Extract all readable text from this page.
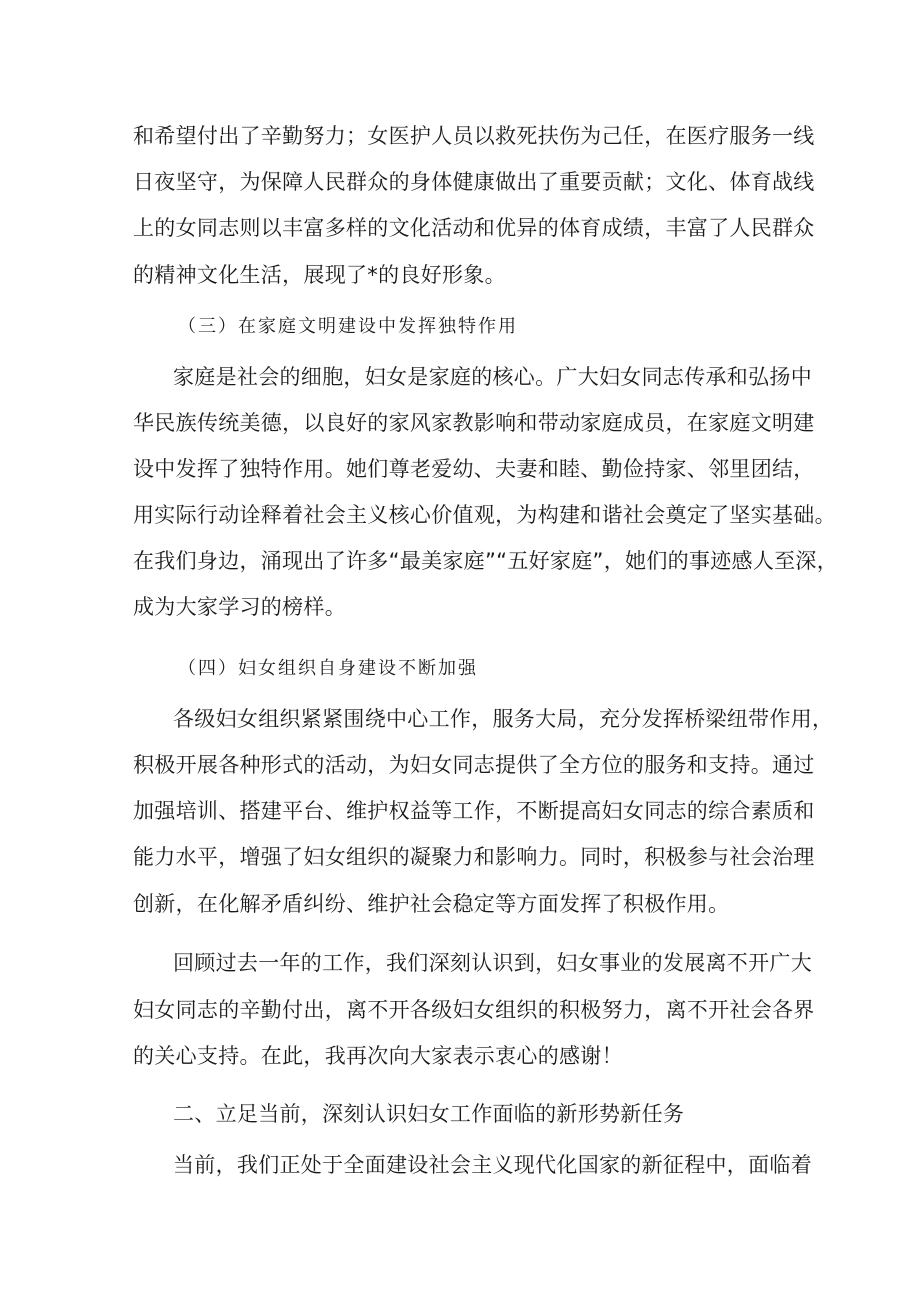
和希望付出了辛勤努力；女医护人员以救死扶伤为己任，在医疗服务一线
日夜坚守，为保障人民群众的身体健康做出了重要贡献；文化、体育战线
上的女同志则以丰富多样的文化活动和优异的体育成绩，丰富了人民群众
的精神文化生活，展现了*的良好形象。
（三）在家庭文明建设中发挥独特作用
家庭是社会的细胞，妇女是家庭的核心。广大妇女同志传承和弘扬中
华民族传统美德，以良好的家风家教影响和带动家庭成员，在家庭文明建
设中发挥了独特作用。她们尊老爱幼、夫妻和睦、勤俭持家、邻里团结，
用实际行动诠释着社会主义核心价值观，为构建和谐社会奠定了坚实基础。
在我们身边，涌现出了许多“最美家庭”“五好家庭”，她们的事迹感人至深，
成为大家学习的榜样。
（四）妇女组织自身建设不断加强
各级妇女组织紧紧围绕中心工作，服务大局，充分发挥桥梁纽带作用，
积极开展各种形式的活动，为妇女同志提供了全方位的服务和支持。通过
加强培训、搭建平台、维护权益等工作，不断提高妇女同志的综合素质和
能力水平，增强了妇女组织的凝聚力和影响力。同时，积极参与社会治理
创新，在化解矛盾纠纷、维护社会稳定等方面发挥了积极作用。
回顾过去一年的工作，我们深刻认识到，妇女事业的发展离不开广大
妇女同志的辛勤付出，离不开各级妇女组织的积极努力，离不开社会各界
的关心支持。在此，我再次向大家表示衷心的感谢！
二、立足当前，深刻认识妇女工作面临的新形势新任务
当前，我们正处于全面建设社会主义现代化国家的新征程中，面临着
